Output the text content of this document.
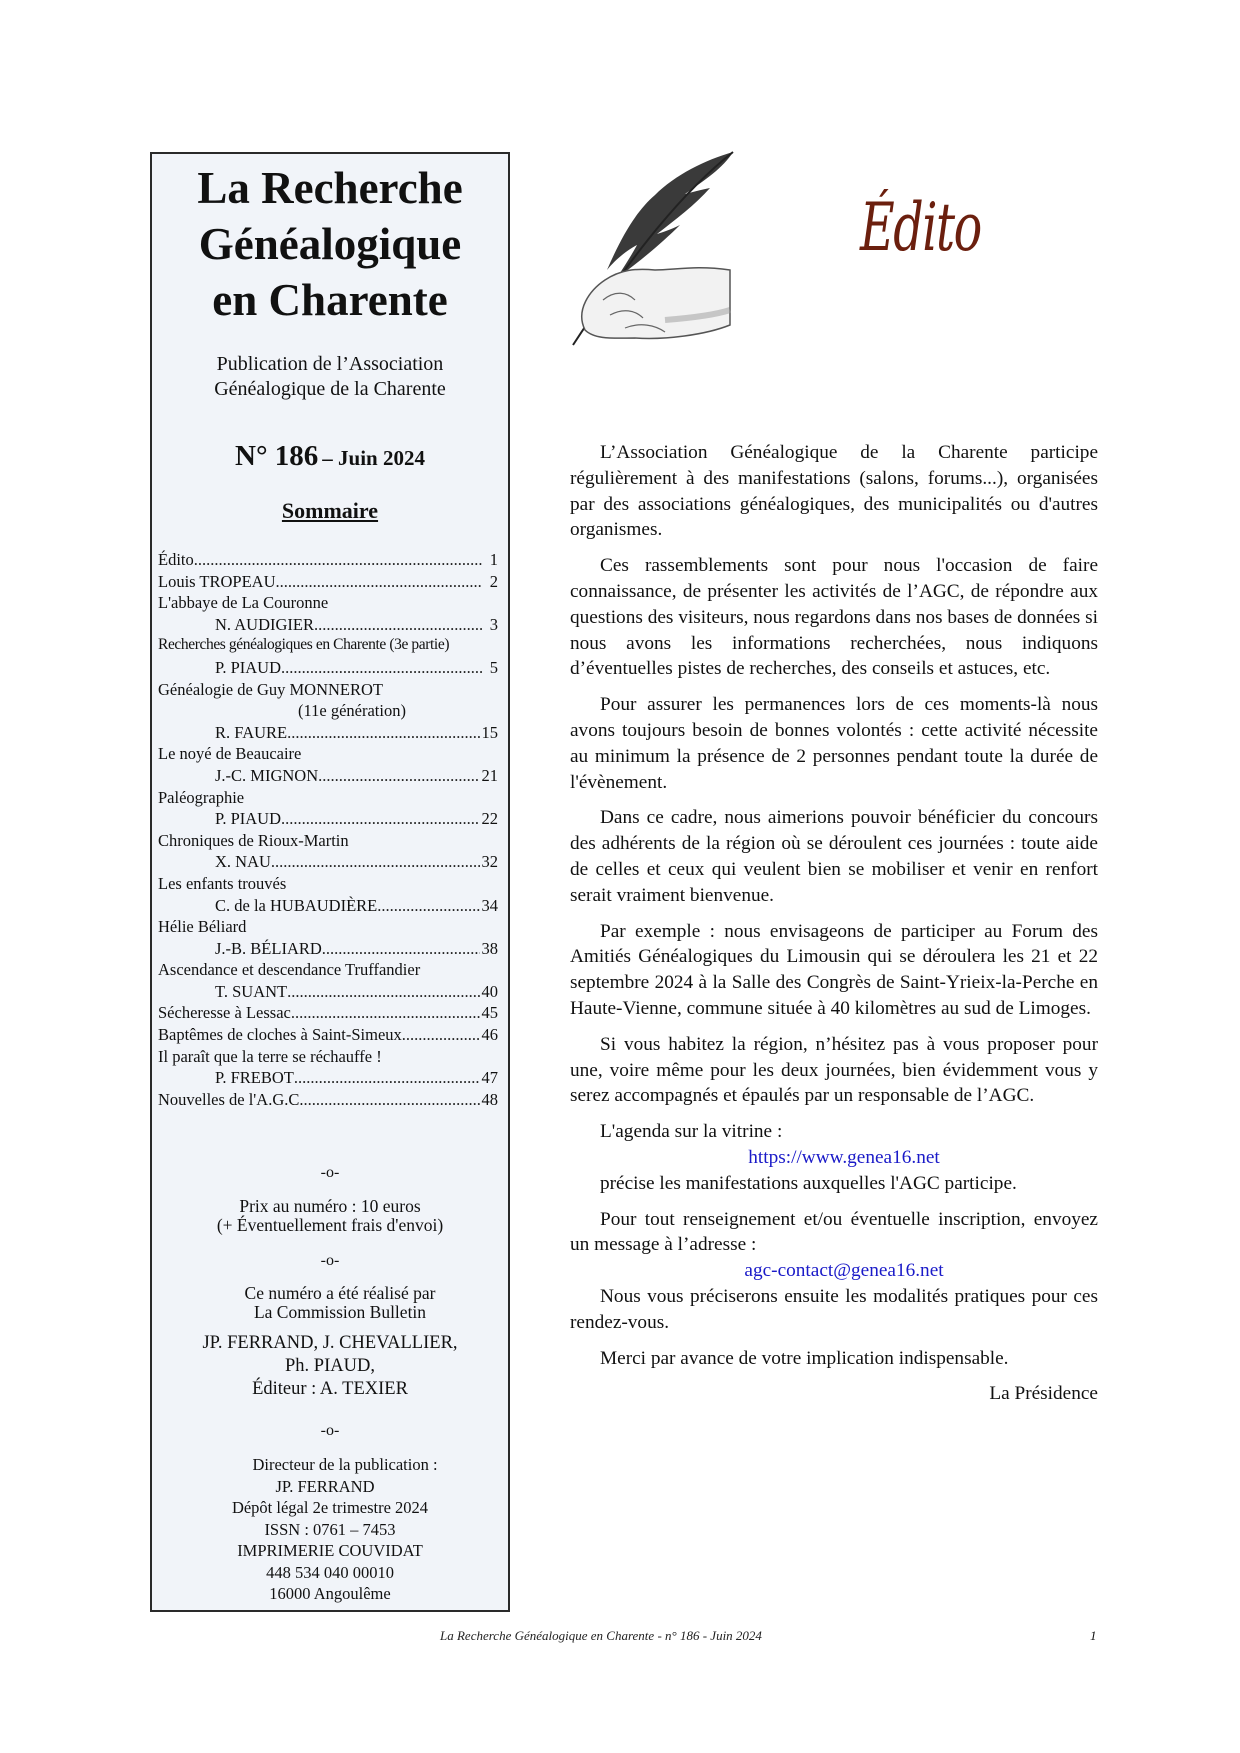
La Recherche
Généalogique
en Charente
Publication de l’Association
Généalogique de la Charente
N° 186 – Juin 2024
Sommaire
Édito .....	1
Louis TROPEAU .....	2
L'abbaye de La Couronne
N. AUDIGIER .....	3
Recherches généalogiques en Charente (3e partie)
P. PIAUD .....	5
Généalogie de Guy MONNEROT
(11e génération)
R. FAURE .....	15
Le noyé de Beaucaire
J.-C. MIGNON .....	21
Paléographie
P. PIAUD .....	22
Chroniques de Rioux-Martin
X. NAU .....	32
Les enfants trouvés
C. de la HUBAUDIÈRE .....	34
Hélie Béliard
J.-B. BÉLIARD .....	38
Ascendance et descendance Truffandier
T. SUANT .....	40
Sécheresse à Lessac .....	45
Baptêmes de cloches à Saint-Simeux .....	46
Il paraît que la terre se réchauffe !
P. FREBOT .....	47
Nouvelles de l'A.G.C. .....	48
-o-
Prix au numéro : 10 euros
(+ Éventuellement frais d'envoi)
-o-
Ce numéro a été réalisé par
La Commission Bulletin
JP. FERRAND, J. CHEVALLIER,
Ph. PIAUD,
Éditeur : A. TEXIER
-o-
Directeur de la publication :
JP. FERRAND
Dépôt légal 2e trimestre 2024
ISSN : 0761 – 7453
IMPRIMERIE COUVIDAT
448 534 040 00010
16000 Angoulême
Édito

L’Association Généalogique de la Charente participe régulièrement à des manifestations (salons, forums...), organisées par des associations généalogiques, des municipalités ou d'autres organismes.

Ces rassemblements sont pour nous l'occasion de faire connaissance, de présenter les activités de l’AGC, de répondre aux questions des visiteurs, nous regardons dans nos bases de données si nous avons les informations recherchées, nous indiquons d’éventuelles pistes de recherches, des conseils et astuces, etc.

Pour assurer les permanences lors de ces moments-là nous avons toujours besoin de bonnes volontés : cette activité nécessite au minimum la présence de 2 personnes pendant toute la durée de l'évènement.

Dans ce cadre, nous aimerions pouvoir bénéficier du concours des adhérents de la région où se déroulent ces journées : toute aide de celles et ceux qui veulent bien se mobiliser et venir en renfort serait vraiment bienvenue.

Par exemple : nous envisageons de participer au Forum des Amitiés Généalogiques du Limousin qui se déroulera les 21 et 22 septembre 2024 à la Salle des Congrès de Saint-Yrieix-la-Perche en Haute-Vienne, commune située à 40 kilomètres au sud de Limoges.

Si vous habitez la région, n’hésitez pas à vous proposer pour une, voire même pour les deux journées, bien évidemment vous y serez accompagnés et épaulés par un responsable de l’AGC.

L'agenda sur la vitrine :

https://www.genea16.net

précise les manifestations auxquelles l'AGC participe.

Pour tout renseignement et/ou éventuelle inscription, envoyez un message à l’adresse :

agc-contact@genea16.net

Nous vous préciserons ensuite les modalités pratiques pour ces rendez-vous.

Merci par avance de votre implication indispensable.

La Présidence

La Recherche Généalogique en Charente - n° 186 - Juin 2024	1
